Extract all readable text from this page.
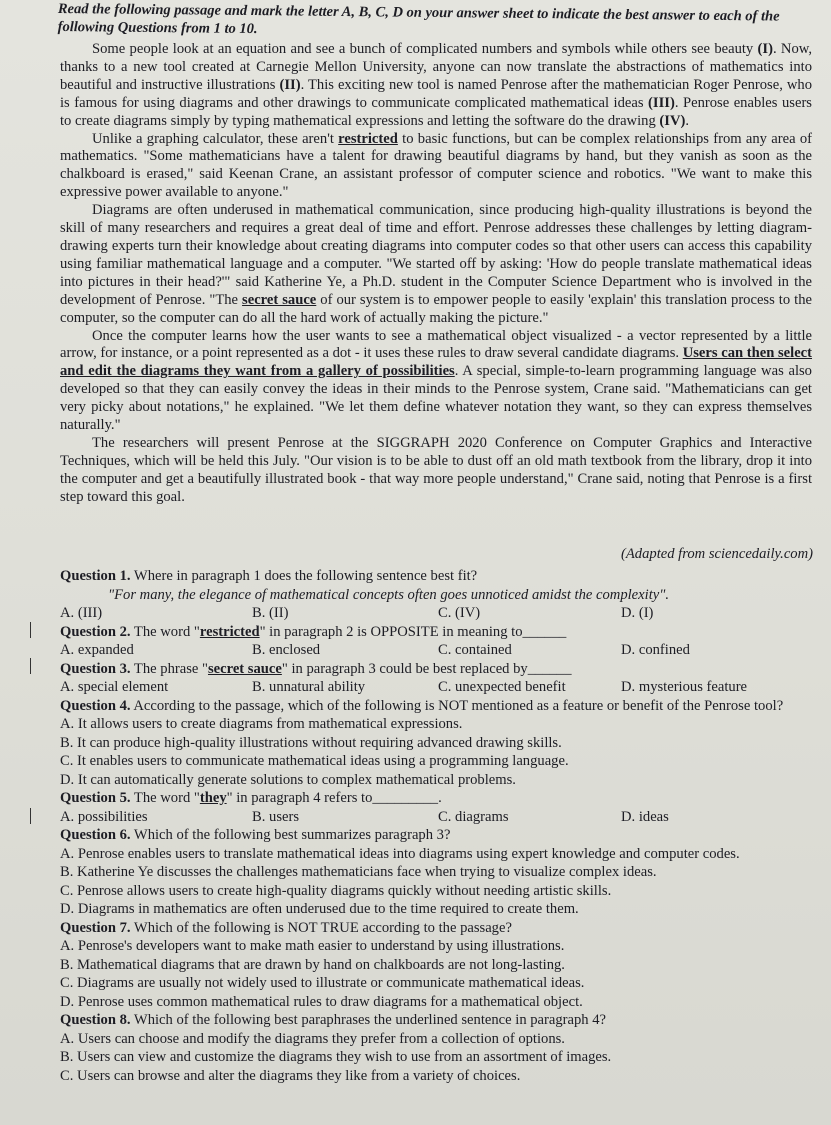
Read the following passage and mark the letter A, B, C, D on your answer sheet to indicate the best answer to each of the following Questions from 1 to 10.

Some people look at an equation and see a bunch of complicated numbers and symbols while others see beauty (I). Now, thanks to a new tool created at Carnegie Mellon University, anyone can now translate the abstractions of mathematics into beautiful and instructive illustrations (II). This exciting new tool is named Penrose after the mathematician Roger Penrose, who is famous for using diagrams and other drawings to communicate complicated mathematical ideas (III). Penrose enables users to create diagrams simply by typing mathematical expressions and letting the software do the drawing (IV).

Unlike a graphing calculator, these aren't restricted to basic functions, but can be complex relationships from any area of mathematics. "Some mathematicians have a talent for drawing beautiful diagrams by hand, but they vanish as soon as the chalkboard is erased," said Keenan Crane, an assistant professor of computer science and robotics. "We want to make this expressive power available to anyone."

Diagrams are often underused in mathematical communication, since producing high-quality illustrations is beyond the skill of many researchers and requires a great deal of time and effort. Penrose addresses these challenges by letting diagram-drawing experts turn their knowledge about creating diagrams into computer codes so that other users can access this capability using familiar mathematical language and a computer. "We started off by asking: 'How do people translate mathematical ideas into pictures in their head?'" said Katherine Ye, a Ph.D. student in the Computer Science Department who is involved in the development of Penrose. "The secret sauce of our system is to empower people to easily 'explain' this translation process to the computer, so the computer can do all the hard work of actually making the picture."

Once the computer learns how the user wants to see a mathematical object visualized - a vector represented by a little arrow, for instance, or a point represented as a dot - it uses these rules to draw several candidate diagrams. Users can then select and edit the diagrams they want from a gallery of possibilities. A special, simple-to-learn programming language was also developed so that they can easily convey the ideas in their minds to the Penrose system, Crane said. "Mathematicians can get very picky about notations," he explained. "We let them define whatever notation they want, so they can express themselves naturally."

The researchers will present Penrose at the SIGGRAPH 2020 Conference on Computer Graphics and Interactive Techniques, which will be held this July. "Our vision is to be able to dust off an old math textbook from the library, drop it into the computer and get a beautifully illustrated book - that way more people understand," Crane said, noting that Penrose is a first step toward this goal.

(Adapted from sciencedaily.com)
Question 1. Where in paragraph 1 does the following sentence best fit?
"For many, the elegance of mathematical concepts often goes unnoticed amidst the complexity".
A. (III)	B. (II)	C. (IV)	D. (I)
Question 2. The word "restricted" in paragraph 2 is OPPOSITE in meaning to______
A. expanded	B. enclosed	C. contained	D. confined
Question 3. The phrase "secret sauce" in paragraph 3 could be best replaced by______
A. special element	B. unnatural ability	C. unexpected benefit	D. mysterious feature
Question 4. According to the passage, which of the following is NOT mentioned as a feature or benefit of the Penrose tool?
A. It allows users to create diagrams from mathematical expressions.
B. It can produce high-quality illustrations without requiring advanced drawing skills.
C. It enables users to communicate mathematical ideas using a programming language.
D. It can automatically generate solutions to complex mathematical problems.
Question 5. The word "they" in paragraph 4 refers to_________.
A. possibilities	B. users	C. diagrams	D. ideas
Question 6. Which of the following best summarizes paragraph 3?
A. Penrose enables users to translate mathematical ideas into diagrams using expert knowledge and computer codes.
B. Katherine Ye discusses the challenges mathematicians face when trying to visualize complex ideas.
C. Penrose allows users to create high-quality diagrams quickly without needing artistic skills.
D. Diagrams in mathematics are often underused due to the time required to create them.
Question 7. Which of the following is NOT TRUE according to the passage?
A. Penrose's developers want to make math easier to understand by using illustrations.
B. Mathematical diagrams that are drawn by hand on chalkboards are not long-lasting.
C. Diagrams are usually not widely used to illustrate or communicate mathematical ideas.
D. Penrose uses common mathematical rules to draw diagrams for a mathematical object.
Question 8. Which of the following best paraphrases the underlined sentence in paragraph 4?
A. Users can choose and modify the diagrams they prefer from a collection of options.
B. Users can view and customize the diagrams they wish to use from an assortment of images.
C. Users can browse and alter the diagrams they like from a variety of choices.
